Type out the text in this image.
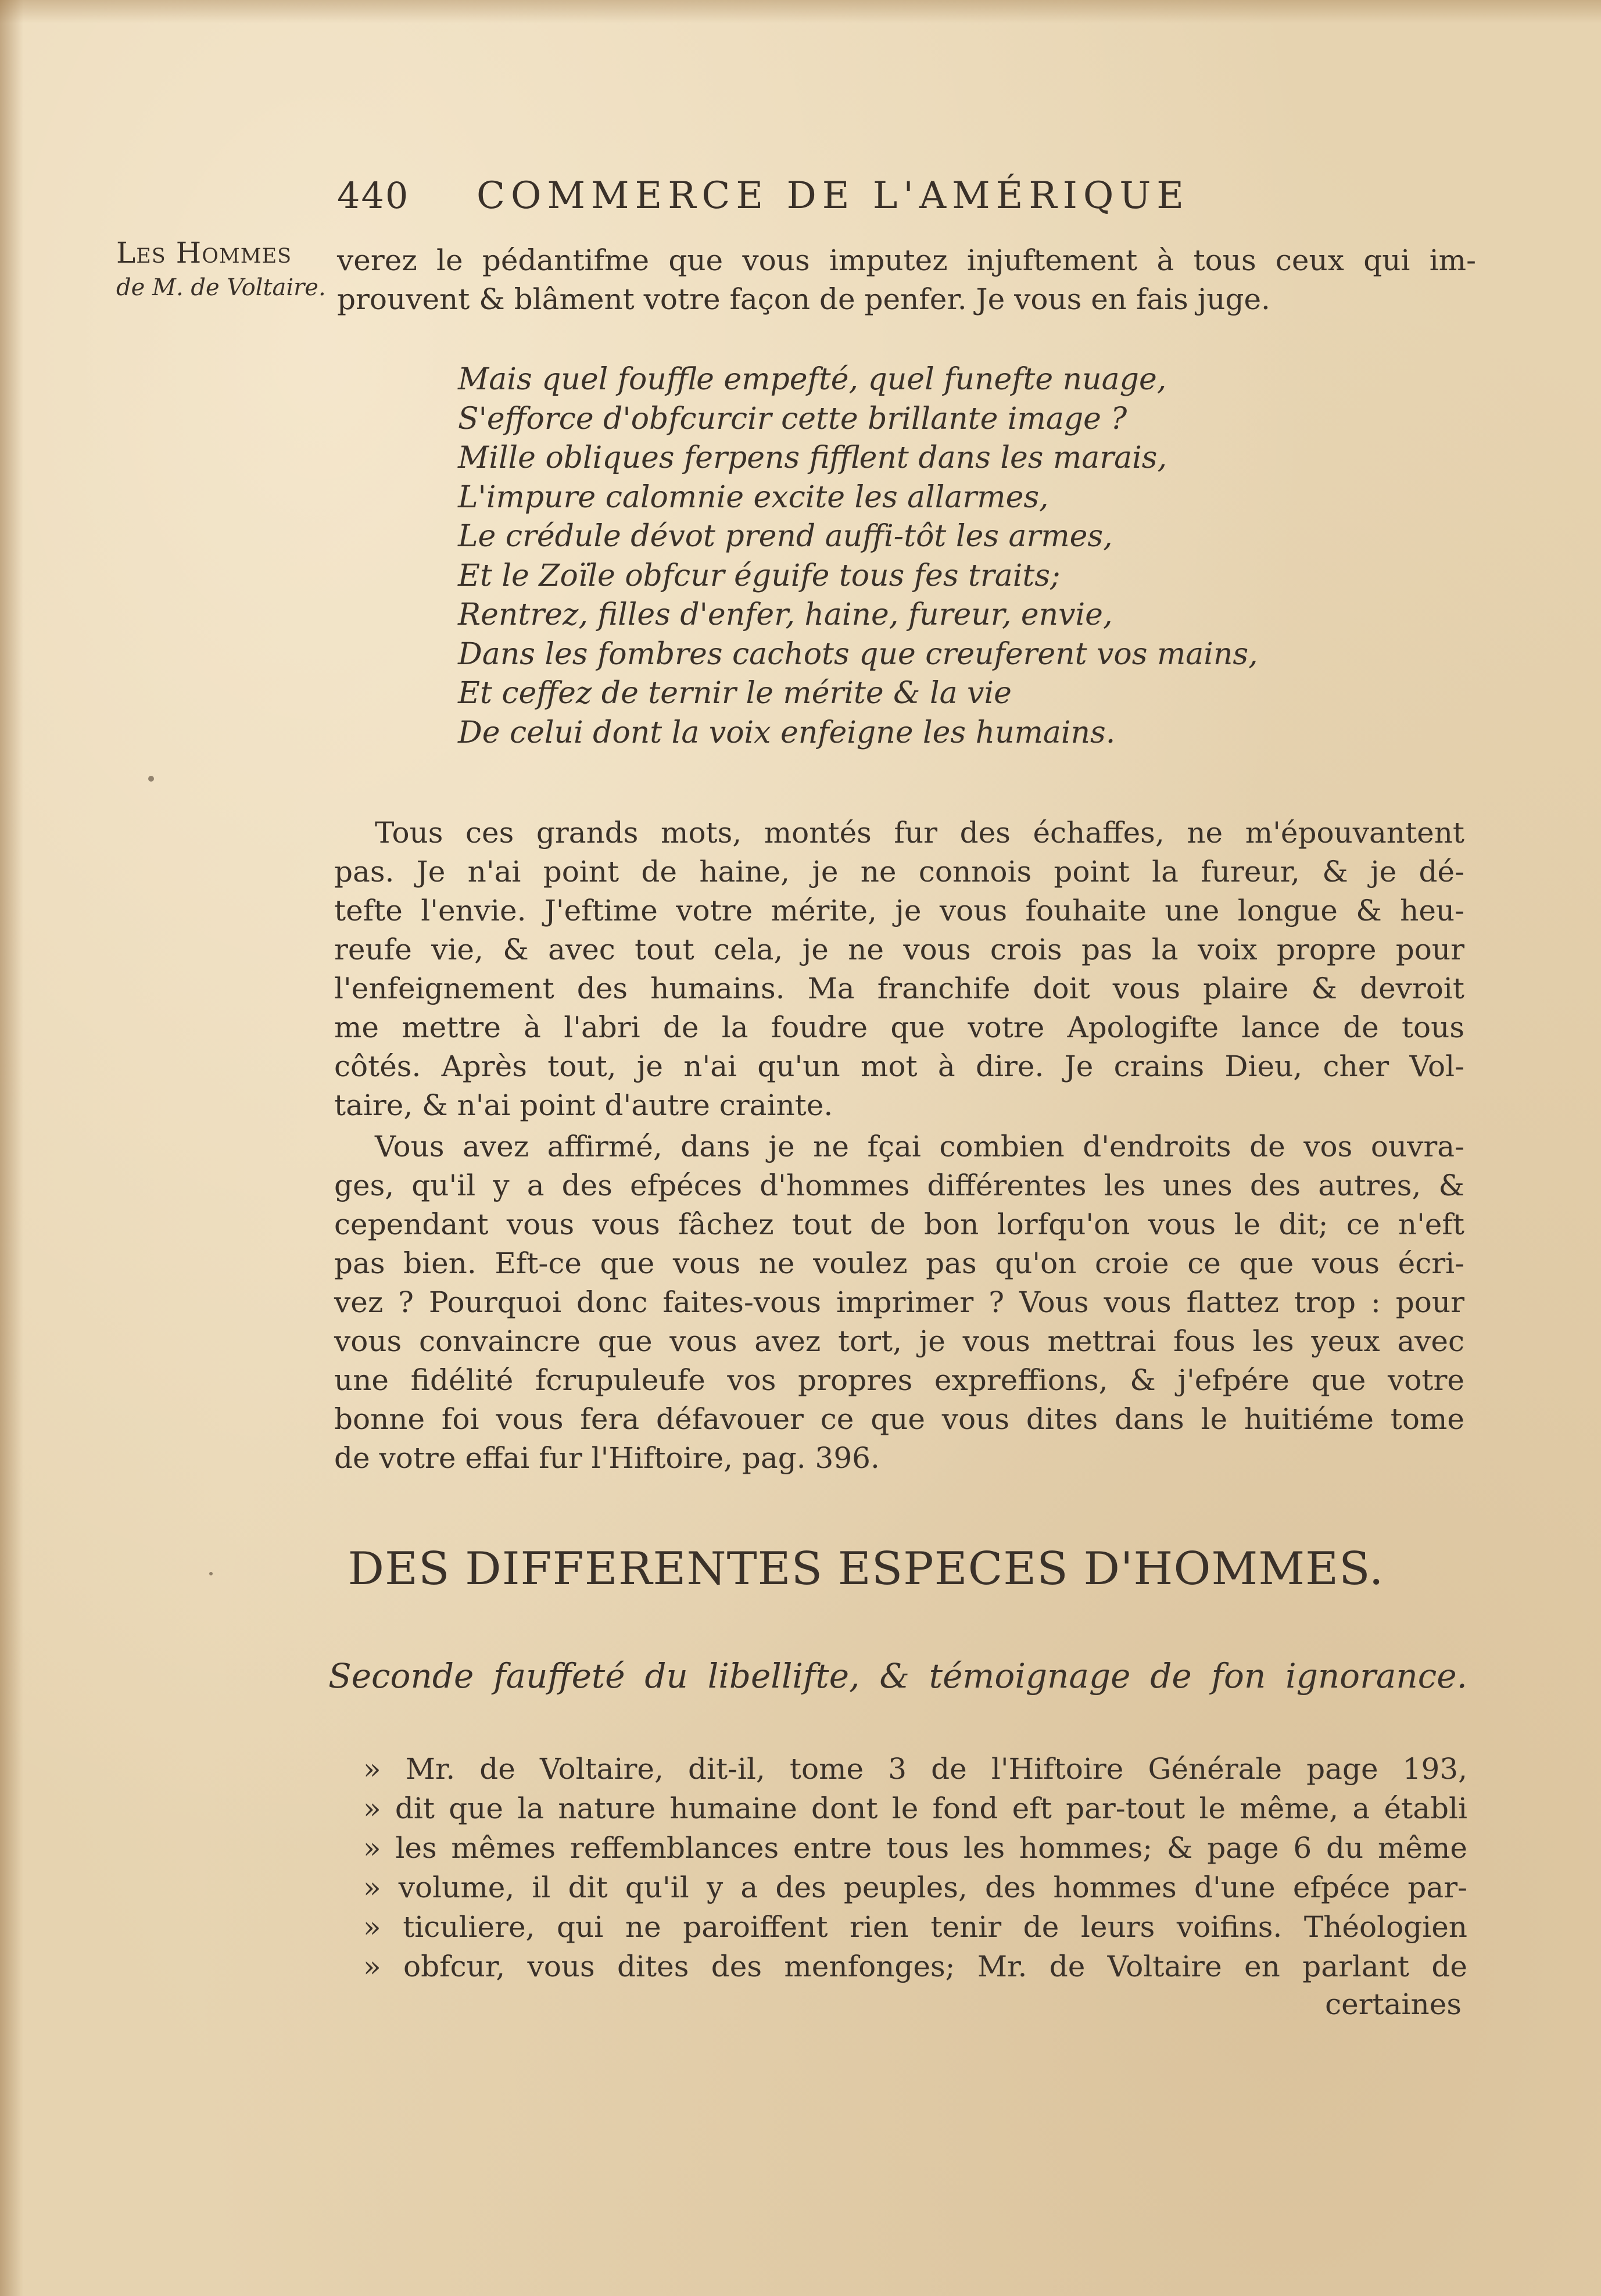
440 COMMERCE DE L'AMÉRIQUE
Les Hommes
de M. de Voltaire.
verez le pédantifme que vous imputez injuftement à tous ceux qui im-
prouvent & blâment votre façon de penfer. Je vous en fais juge.
Mais quel fouffle empefté, quel funefte nuage,
S'efforce d'obfcurcir cette brillante image ?
Mille obliques ferpens fifflent dans les marais,
L'impure calomnie excite les allarmes,
Le crédule dévot prend auffi-tôt les armes,
Et le Zoïle obfcur éguife tous fes traits;
Rentrez, filles d'enfer, haine, fureur, envie,
Dans les fombres cachots que creuferent vos mains,
Et ceffez de ternir le mérite & la vie
De celui dont la voix enfeigne les humains.
Tous ces grands mots, montés fur des échaffes, ne m'épouvantent
pas. Je n'ai point de haine, je ne connois point la fureur, & je dé-
tefte l'envie. J'eftime votre mérite, je vous fouhaite une longue & heu-
reufe vie, & avec tout cela, je ne vous crois pas la voix propre pour
l'enfeignement des humains. Ma franchife doit vous plaire & devroit
me mettre à l'abri de la foudre que votre Apologifte lance de tous
côtés. Après tout, je n'ai qu'un mot à dire. Je crains Dieu, cher Vol-
taire, & n'ai point d'autre crainte.
Vous avez affirmé, dans je ne fçai combien d'endroits de vos ouvra-
ges, qu'il y a des efpéces d'hommes différentes les unes des autres, &
cependant vous vous fâchez tout de bon lorfqu'on vous le dit; ce n'eft
pas bien. Eft-ce que vous ne voulez pas qu'on croie ce que vous écri-
vez ? Pourquoi donc faites-vous imprimer ? Vous vous flattez trop : pour
vous convaincre que vous avez tort, je vous mettrai fous les yeux avec
une fidélité fcrupuleufe vos propres expreffions, & j'efpére que votre
bonne foi vous fera défavouer ce que vous dites dans le huitiéme tome
de votre effai fur l'Hiftoire, pag. 396.
DES DIFFERENTES ESPECES D'HOMMES.
Seconde fauffeté du libellifte, & témoignage de fon ignorance.
» Mr. de Voltaire, dit-il, tome 3 de l'Hiftoire Générale page 193,
» dit que la nature humaine dont le fond eft par-tout le même, a établi
» les mêmes reffemblances entre tous les hommes; & page 6 du même
» volume, il dit qu'il y a des peuples, des hommes d'une efpéce par-
» ticuliere, qui ne paroiffent rien tenir de leurs voifins. Théologien
» obfcur, vous dites des menfonges; Mr. de Voltaire en parlant de
certaines
